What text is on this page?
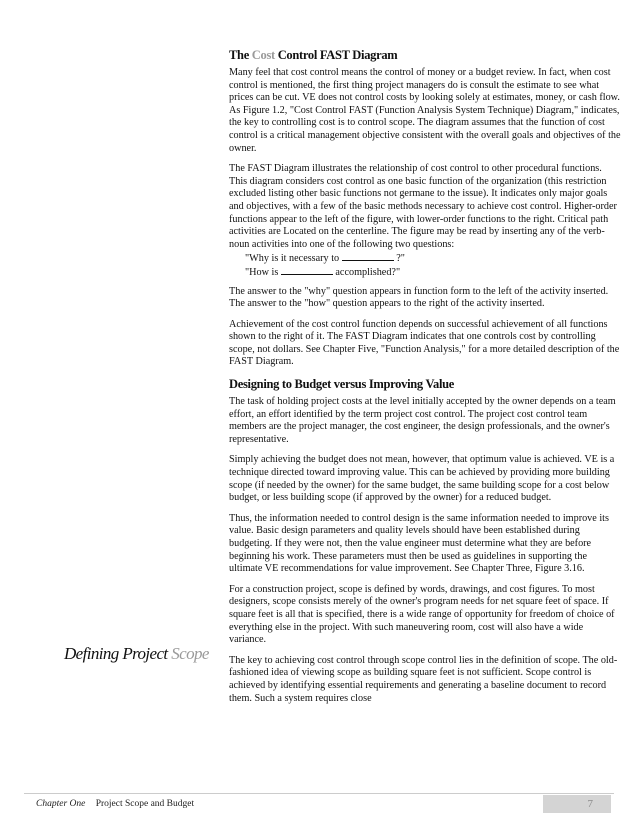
The Cost Control FAST Diagram

Many feel that cost control means the control of money or a budget review. In fact, when cost control is mentioned, the first thing project managers do is consult the estimate to see what prices can be cut. VE does not control costs by looking solely at estimates, money, or cash flow. As Figure 1.2, "Cost Control FAST (Function Analysis System Technique) Diagram," indicates, the key to controlling cost is to control scope. The diagram assumes that the function of cost control is a critical management objective consistent with the overall goals and objectives of the owner.

The FAST Diagram illustrates the relationship of cost control to other procedural functions. This diagram considers cost control as one basic function of the organization (this restriction excluded listing other basic functions not germane to the issue). It indicates only major goals and objectives, with a few of the basic methods necessary to achieve cost control. Higher-order functions appear to the left of the figure, with lower-order functions to the right. Critical path activities are Located on the centerline. The figure may be read by inserting any of the verb-noun activities into one of the following two questions:

"Why is it necessary to	?"
"How is	accomplished?"

The answer to the "why" question appears in function form to the left of the activity inserted. The answer to the "how" question appears to the right of the activity inserted.

Achievement of the cost control function depends on successful achievement of all functions shown to the right of it. The FAST Diagram indicates that one controls cost by controlling scope, not dollars. See Chapter Five, "Function Analysis," for a more detailed description of the FAST Diagram.

Designing to Budget versus Improving Value

The task of holding project costs at the level initially accepted by the owner depends on a team effort, an effort identified by the term project cost control. The project cost control team members are the project manager, the cost engineer, the design professionals, and the owner's representative.

Simply achieving the budget does not mean, however, that optimum value is achieved. VE is a technique directed toward improving value. This can be achieved by providing more building scope (if needed by the owner) for the same budget, the same building scope for a cost below budget, or less building scope (if approved by the owner) for a reduced budget.

Thus, the information needed to control design is the same information needed to improve its value. Basic design parameters and quality levels should have been established during budgeting. If they were not, then the value engineer must determine what they are before beginning his work. These parameters must then be used as guidelines in supporting the ultimate VE recommendations for value improvement. See Chapter Three, Figure 3.16.

For a construction project, scope is defined by words, drawings, and cost figures. To most designers, scope consists merely of the owner's program needs for net square feet of space. If square feet is all that is specified, there is a wide range of opportunity for freedom of choice of everything else in the project. With such maneuvering room, cost will also have a wide variance.

The key to achieving cost control through scope control lies in the definition of scope. The old-fashioned idea of viewing scope as building square feet is not sufficient. Scope control is achieved by identifying essential requirements and generating a baseline document to record them. Such a system requires close

Defining Project Scope
Chapter One Project Scope and Budget	7
